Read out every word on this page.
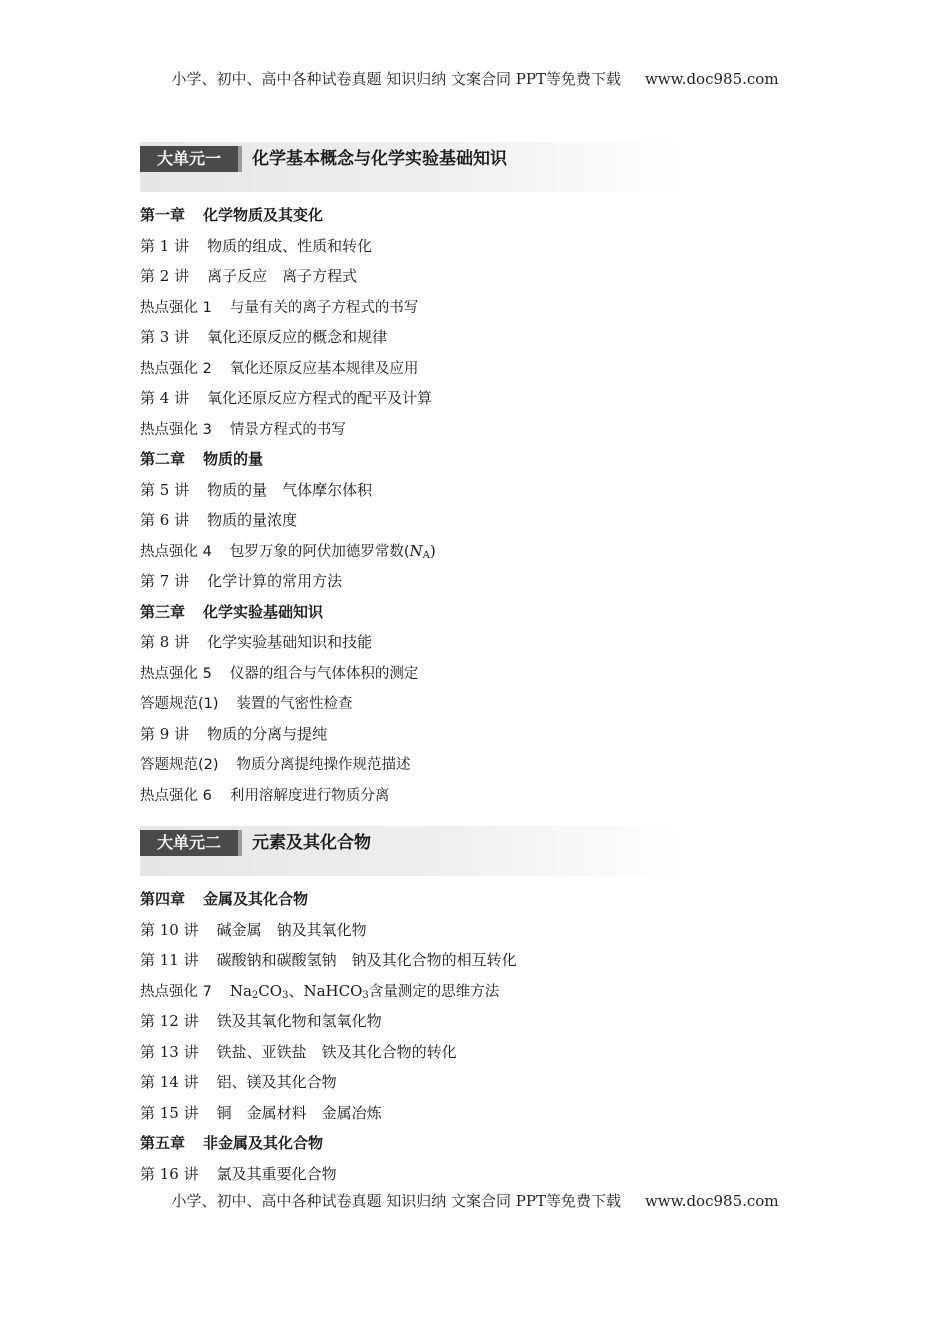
小学、初中、高中各种试卷真题 知识归纳 文案合同 PPT等免费下载 www.doc985.com
大单元一	化学基本概念与化学实验基础知识
第一章 化学物质及其变化
第 1 讲 物质的组成、性质和转化
第 2 讲 离子反应　离子方程式
热点强化 1 与量有关的离子方程式的书写
第 3 讲 氧化还原反应的概念和规律
热点强化 2 氧化还原反应基本规律及应用
第 4 讲 氧化还原反应方程式的配平及计算
热点强化 3 情景方程式的书写
第二章 物质的量
第 5 讲 物质的量　气体摩尔体积
第 6 讲 物质的量浓度
热点强化 4 包罗万象的阿伏加德罗常数$(N_A)$
第 7 讲 化学计算的常用方法
第三章 化学实验基础知识
第 8 讲 化学实验基础知识和技能
热点强化 5 仪器的组合与气体体积的测定
答题规范(1) 装置的气密性检查
第 9 讲 物质的分离与提纯
答题规范(2) 物质分离提纯操作规范描述
热点强化 6 利用溶解度进行物质分离
大单元二	元素及其化合物
第四章 金属及其化合物
第 10 讲 碱金属　钠及其氧化物
第 11 讲 碳酸钠和碳酸氢钠　钠及其化合物的相互转化
热点强化 7 $Na_2CO_3$、NaHCO$_3$含量测定的思维方法
第 12 讲 铁及其氧化物和氢氧化物
第 13 讲 铁盐、亚铁盐　铁及其化合物的转化
第 14 讲 铝、镁及其化合物
第 15 讲 铜　金属材料　金属冶炼
第五章 非金属及其化合物
第 16 讲 氯及其重要化合物
小学、初中、高中各种试卷真题 知识归纳 文案合同 PPT等免费下载 www.doc985.com
